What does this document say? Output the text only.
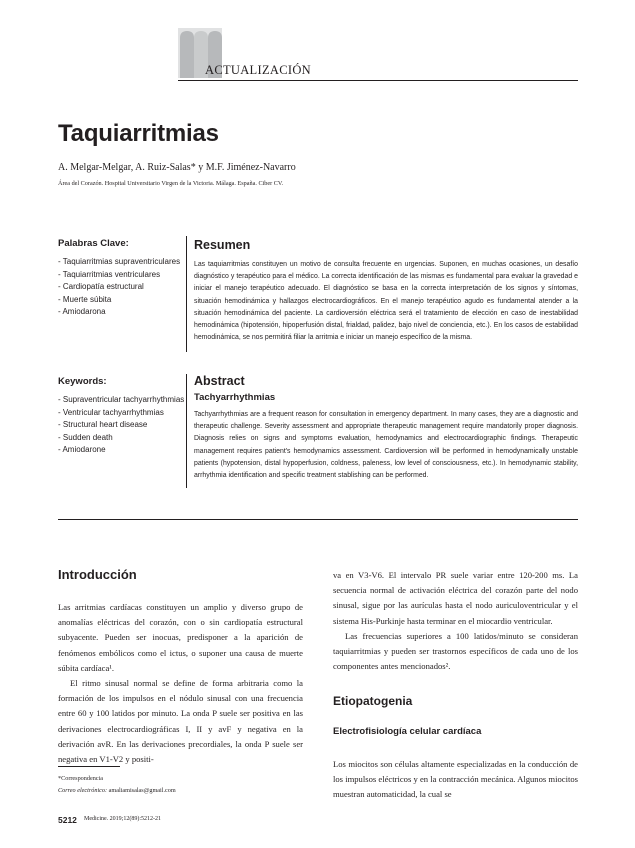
ACTUALIZACIÓN
Taquiarritmias
A. Melgar-Melgar, A. Ruiz-Salas* y M.F. Jiménez-Navarro
Área del Corazón. Hospital Universitario Virgen de la Victoria. Málaga. España. Ciber CV.
Palabras Clave:
- Taquiarritmias supraventriculares
- Taquiarritmias ventriculares
- Cardiopatía estructural
- Muerte súbita
- Amiodarona
Keywords:
- Supraventricular tachyarrhythmias
- Ventricular tachyarrhythmias
- Structural heart disease
- Sudden death
- Amiodarone
Resumen

Las taquiarritmias constituyen un motivo de consulta frecuente en urgencias. Suponen, en muchas ocasiones, un desafío diagnóstico y terapéutico para el médico. La correcta identificación de las mismas es fundamental para evaluar la gravedad e iniciar el manejo terapéutico adecuado. El diagnóstico se basa en la correcta interpretación de los signos y síntomas, situación hemodinámica y hallazgos electrocardiográficos. En el manejo terapéutico agudo es fundamental atender a la situación hemodinámica del paciente. La cardioversión eléctrica será el tratamiento de elección en caso de inestabilidad hemodinámica (hipotensión, hipoperfusión distal, frialdad, palidez, bajo nivel de conciencia, etc.). En los casos de estabilidad hemodinámica, se nos permitirá filiar la arritmia e iniciar un manejo específico de la misma.

Abstract
Tachyarrhythmias

Tachyarrhythmias are a frequent reason for consultation in emergency department. In many cases, they are a diagnostic and therapeutic challenge. Severity assessment and appropriate therapeutic management require mandatorily proper diagnosis. Diagnosis relies on signs and symptoms evaluation, hemodynamics and electrocardiographic findings. Therapeutic management requires patient's hemodynamics assessment. Cardioversion will be performed in hemodynamically unstable patients (hypotension, distal hypoperfusion, coldness, paleness, low level of consciousness, etc.). In hemodynamic stability, arrhythmia identification and specific treatment stablishing can be performed.

Introducción

Las arritmias cardíacas constituyen un amplio y diverso grupo de anomalías eléctricas del corazón, con o sin cardiopatía estructural subyacente. Pueden ser inocuas, predisponer a la aparición de fenómenos embólicos como el ictus, o suponer una causa de muerte súbita cardíaca¹.

El ritmo sinusal normal se define de forma arbitraria como la formación de los impulsos en el nódulo sinusal con una frecuencia entre 60 y 100 latidos por minuto. La onda P suele ser positiva en las derivaciones electrocardiográficas I, II y avF y negativa en la derivación avR. En las derivaciones precordiales, la onda P suele ser negativa en V1-V2 y positi-

va en V3-V6. El intervalo PR suele variar entre 120-200 ms. La secuencia normal de activación eléctrica del corazón parte del nodo sinusal, sigue por las aurículas hasta el nodo auriculoventricular y el sistema His-Purkinje hasta terminar en el miocardio ventricular.

Las frecuencias superiores a 100 latidos/minuto se consideran taquiarritmias y pueden ser trastornos específicos de cada uno de los componentes antes mencionados².

Etiopatogenia
Electrofisiología celular cardíaca

Los miocitos son células altamente especializadas en la conducción de los impulsos eléctricos y en la contracción mecánica. Algunos miocitos muestran automaticidad, la cual se

*Correspondencia
Correo electrónico: amaliamisalas@gmail.com
5212 Medicine. 2019;12(89):5212-21
